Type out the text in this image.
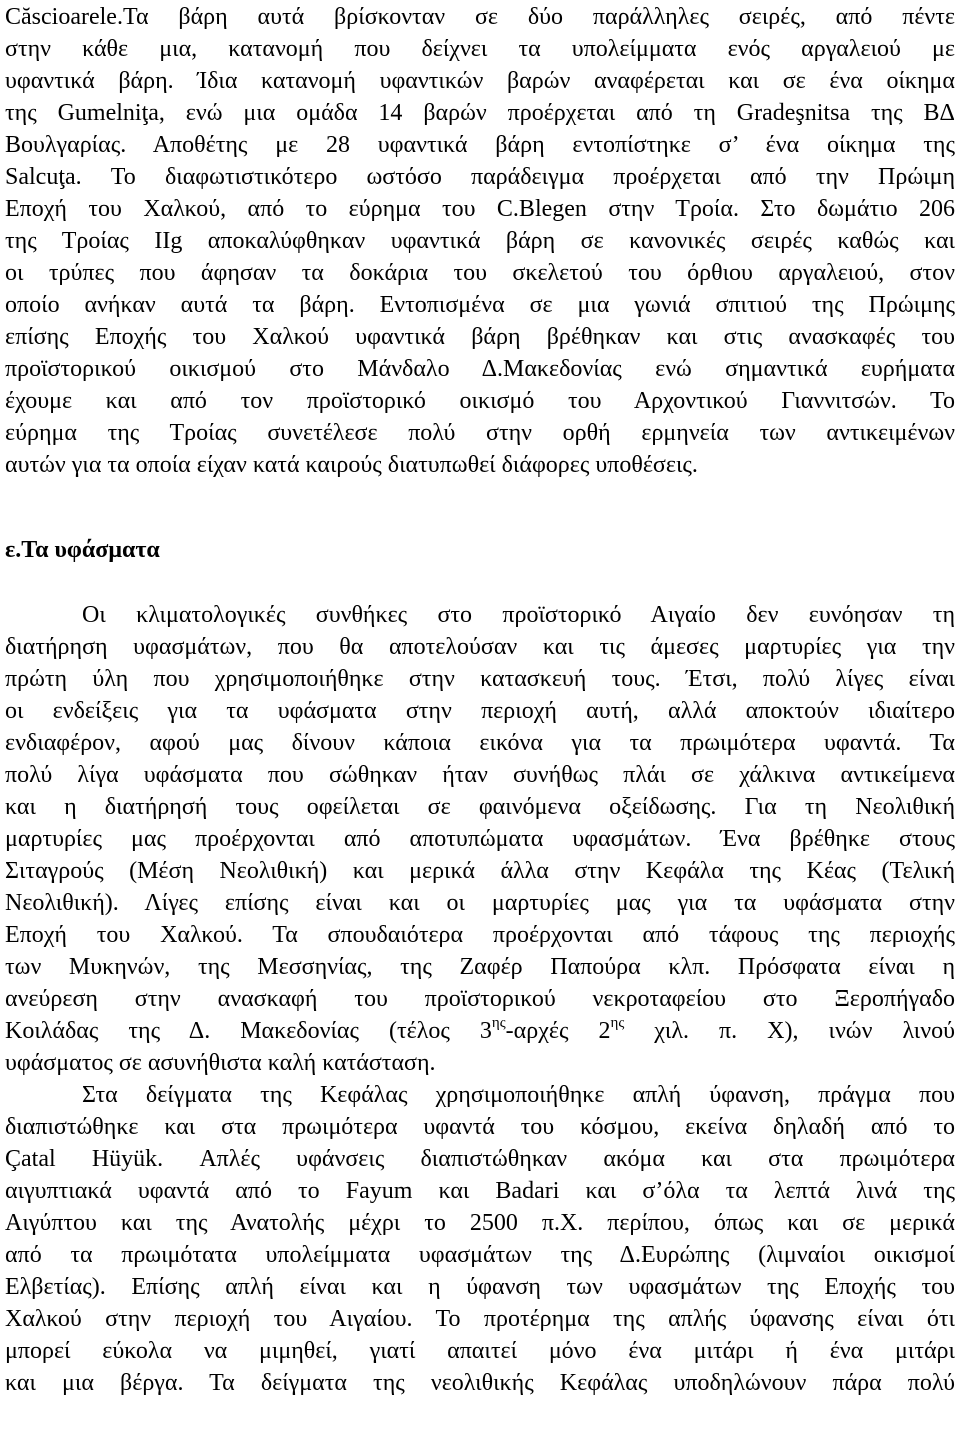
Căscioarele.Τα βάρη αυτά βρίσκονταν σε δύο παράλληλες σειρές, από πέντε
στην κάθε μια, κατανομή που δείχνει τα υπολείμματα ενός αργαλειού με
υφαντικά βάρη. Ίδια κατανομή υφαντικών βαρών αναφέρεται και σε ένα οίκημα
της Gumelniţa, ενώ μια ομάδα 14 βαρών προέρχεται από τη Gradeşnitsa της ΒΔ
Βουλγαρίας. Αποθέτης με 28 υφαντικά βάρη εντοπίστηκε σ’ ένα οίκημα της
Salcuţa. Το διαφωτιστικότερο ωστόσο παράδειγμα προέρχεται από την Πρώιμη
Εποχή του Χαλκού, από το εύρημα του C.Blegen στην Τροία. Στο δωμάτιο 206
της Τροίας ΙΙg αποκαλύφθηκαν υφαντικά βάρη σε κανονικές σειρές καθώς και
οι τρύπες που άφησαν τα δοκάρια του σκελετού του όρθιου αργαλειού, στον
οποίο ανήκαν αυτά τα βάρη. Εντοπισμένα σε μια γωνιά σπιτιού της Πρώιμης
επίσης Εποχής του Χαλκού υφαντικά βάρη βρέθηκαν και στις ανασκαφές του
προϊστορικού οικισμού στο Μάνδαλο Δ.Μακεδονίας ενώ σημαντικά ευρήματα
έχουμε και από τον προϊστορικό οικισμό του Αρχοντικού Γιαννιτσών. Το
εύρημα της Τροίας συνετέλεσε πολύ στην ορθή ερμηνεία των αντικειμένων
αυτών για τα οποία είχαν κατά καιρούς διατυπωθεί διάφορες υποθέσεις.
ε.Τα υφάσματα
Οι κλιματολογικές συνθήκες στο προϊστορικό Αιγαίο δεν ευνόησαν τη
διατήρηση υφασμάτων, που θα αποτελούσαν και τις άμεσες μαρτυρίες για την
πρώτη ύλη που χρησιμοποιήθηκε στην κατασκευή τους. Έτσι, πολύ λίγες είναι
οι ενδείξεις για τα υφάσματα στην περιοχή αυτή, αλλά αποκτούν ιδιαίτερο
ενδιαφέρον, αφού μας δίνουν κάποια εικόνα για τα πρωιμότερα υφαντά. Τα
πολύ λίγα υφάσματα που σώθηκαν ήταν συνήθως πλάι σε χάλκινα αντικείμενα
και η διατήρησή τους οφείλεται σε φαινόμενα οξείδωσης. Για τη Νεολιθική
μαρτυρίες μας προέρχονται από αποτυπώματα υφασμάτων. Ένα βρέθηκε στους
Σιταγρούς (Μέση Νεολιθική) και μερικά άλλα στην Κεφάλα της Κέας (Τελική
Νεολιθική). Λίγες επίσης είναι και οι μαρτυρίες μας για τα υφάσματα στην
Εποχή του Χαλκού. Τα σπουδαιότερα προέρχονται από τάφους της περιοχής
των Μυκηνών, της Μεσσηνίας, της Ζαφέρ Παπούρα κλπ. Πρόσφατα είναι η
ανεύρεση στην ανασκαφή του προϊστορικού νεκροταφείου στο Ξεροπήγαδο
Κοιλάδας της Δ. Μακεδονίας (τέλος $3^{\eta\varsigma}$-αρχές $2^{\eta\varsigma}$ χιλ. π. Χ), ινών λινού
υφάσματος σε ασυνήθιστα καλή κατάσταση.
Στα δείγματα της Κεφάλας χρησιμοποιήθηκε απλή ύφανση, πράγμα που
διαπιστώθηκε και στα πρωιμότερα υφαντά του κόσμου, εκείνα δηλαδή από το
Çatal Hüyük. Απλές υφάνσεις διαπιστώθηκαν ακόμα και στα πρωιμότερα
αιγυπτιακά υφαντά από το Fayum και Badari και σ’όλα τα λεπτά λινά της
Αιγύπτου και της Ανατολής μέχρι το 2500 π.Χ. περίπου, όπως και σε μερικά
από τα πρωιμότατα υπολείμματα υφασμάτων της Δ.Ευρώπης (λιμναίοι οικισμοί
Ελβετίας). Επίσης απλή είναι και η ύφανση των υφασμάτων της Εποχής του
Χαλκού στην περιοχή του Αιγαίου. Το προτέρημα της απλής ύφανσης είναι ότι
μπορεί εύκολα να μιμηθεί, γιατί απαιτεί μόνο ένα μιτάρι ή ένα μιτάρι
και μια βέργα. Τα δείγματα της νεολιθικής Κεφάλας υποδηλώνουν πάρα πολύ
